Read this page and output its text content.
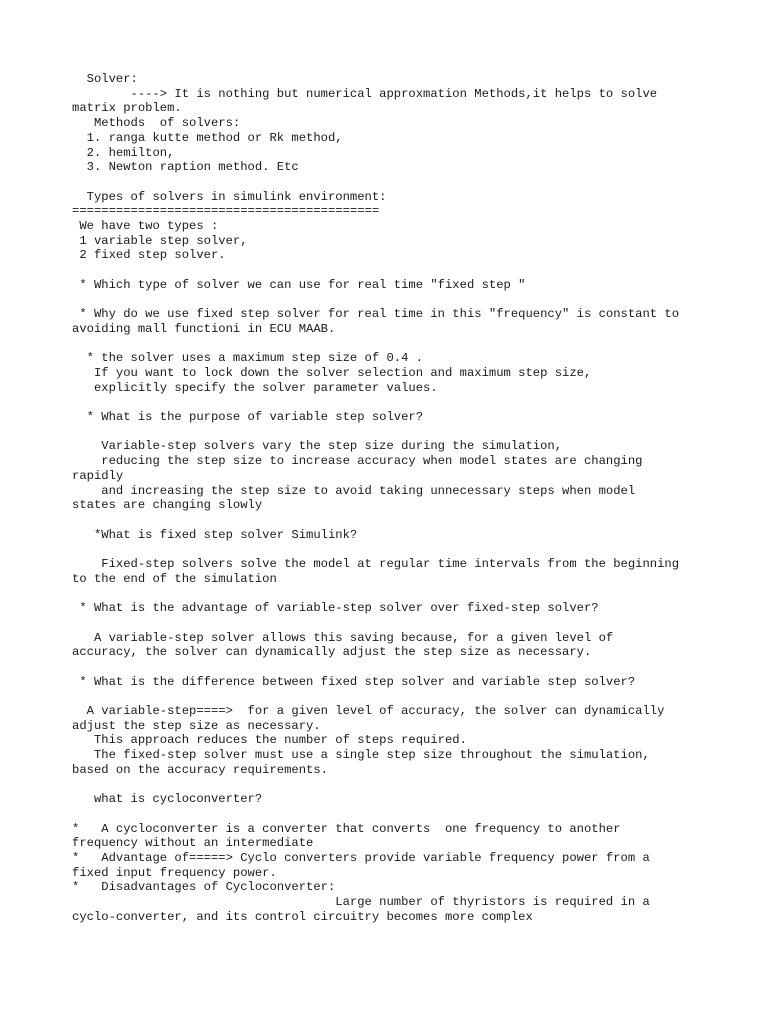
Solver:
----> It is nothing but numerical approxmation Methods,it helps to solve
matrix problem.
Methods  of solvers:
1. ranga kutte method or Rk method,
2. hemilton,
3. Newton raption method. Etc
Types of solvers in simulink environment:
==========================================
We have two types :
1 variable step solver,
2 fixed step solver.
* Which type of solver we can use for real time "fixed step "
* Why do we use fixed step solver for real time in this "frequency" is constant to
avoiding mall functioni in ECU MAAB.
* the solver uses a maximum step size of 0.4 .
If you want to lock down the solver selection and maximum step size,
explicitly specify the solver parameter values.
* What is the purpose of variable step solver?
Variable-step solvers vary the step size during the simulation,
reducing the step size to increase accuracy when model states are changing
rapidly
and increasing the step size to avoid taking unnecessary steps when model
states are changing slowly
*What is fixed step solver Simulink?
Fixed-step solvers solve the model at regular time intervals from the beginning
to the end of the simulation
* What is the advantage of variable-step solver over fixed-step solver?
A variable-step solver allows this saving because, for a given level of
accuracy, the solver can dynamically adjust the step size as necessary.
* What is the difference between fixed step solver and variable step solver?
A variable-step====>  for a given level of accuracy, the solver can dynamically
adjust the step size as necessary.
This approach reduces the number of steps required.
The fixed-step solver must use a single step size throughout the simulation,
based on the accuracy requirements.
what is cycloconverter?
*   A cycloconverter is a converter that converts  one frequency to another
frequency without an intermediate
*   Advantage of=====> Cyclo converters provide variable frequency power from a
fixed input frequency power.
*   Disadvantages of Cycloconverter:
Large number of thyristors is required in a
cyclo-converter, and its control circuitry becomes more complex
